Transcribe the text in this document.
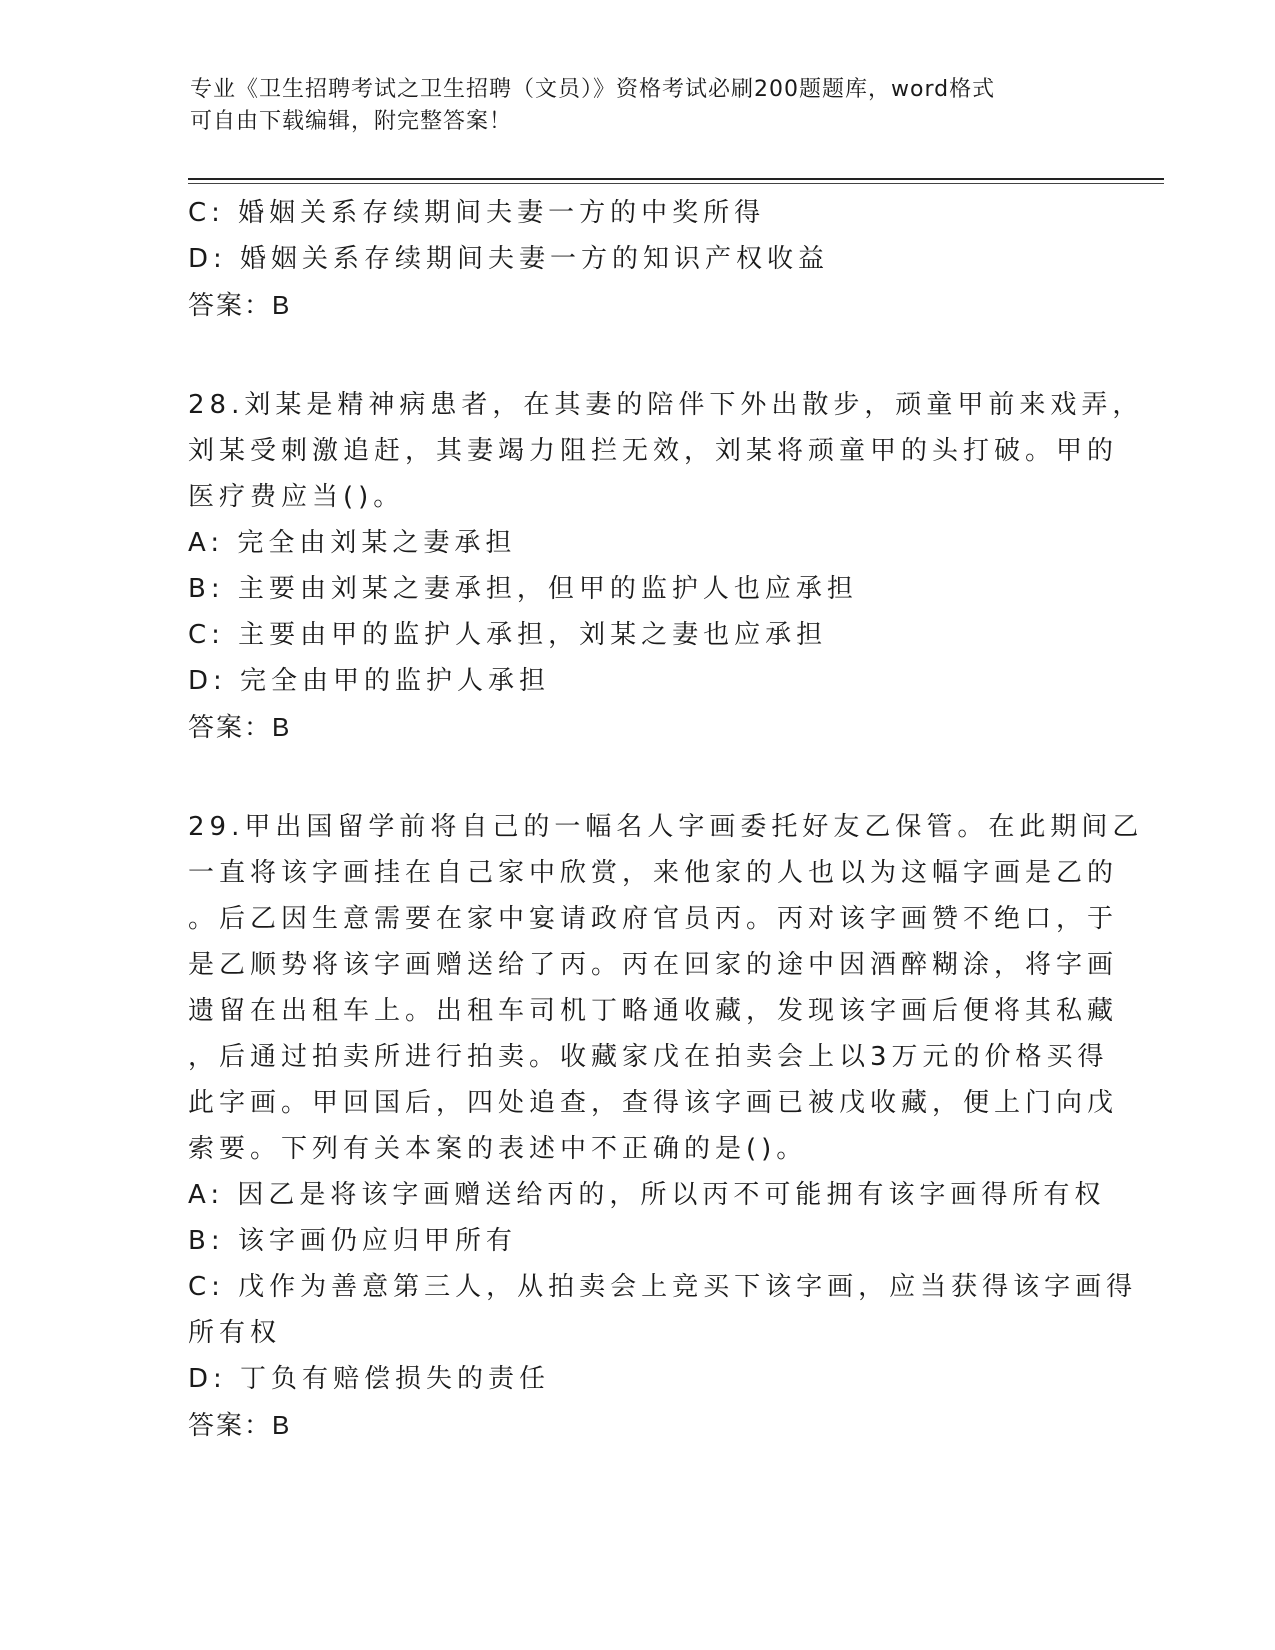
专业《卫生招聘考试之卫生招聘（文员）》资格考试必刷200题题库，word格式
可自由下载编辑，附完整答案！
C: 婚姻关系存续期间夫妻一方的中奖所得
D: 婚姻关系存续期间夫妻一方的知识产权收益
答案：B
28.刘某是精神病患者，在其妻的陪伴下外出散步，顽童甲前来戏弄，
刘某受刺激追赶，其妻竭力阻拦无效，刘某将顽童甲的头打破。甲的
医疗费应当()。
A: 完全由刘某之妻承担
B: 主要由刘某之妻承担，但甲的监护人也应承担
C: 主要由甲的监护人承担，刘某之妻也应承担
D: 完全由甲的监护人承担
答案：B
29.甲出国留学前将自己的一幅名人字画委托好友乙保管。在此期间乙
一直将该字画挂在自己家中欣赏，来他家的人也以为这幅字画是乙的
。后乙因生意需要在家中宴请政府官员丙。丙对该字画赞不绝口，于
是乙顺势将该字画赠送给了丙。丙在回家的途中因酒醉糊涂，将字画
遗留在出租车上。出租车司机丁略通收藏，发现该字画后便将其私藏
，后通过拍卖所进行拍卖。收藏家戊在拍卖会上以3万元的价格买得
此字画。甲回国后，四处追查，查得该字画已被戊收藏，便上门向戊
索要。下列有关本案的表述中不正确的是()。
A: 因乙是将该字画赠送给丙的，所以丙不可能拥有该字画得所有权
B: 该字画仍应归甲所有
C: 戊作为善意第三人，从拍卖会上竞买下该字画，应当获得该字画得
所有权
D: 丁负有赔偿损失的责任
答案：B
